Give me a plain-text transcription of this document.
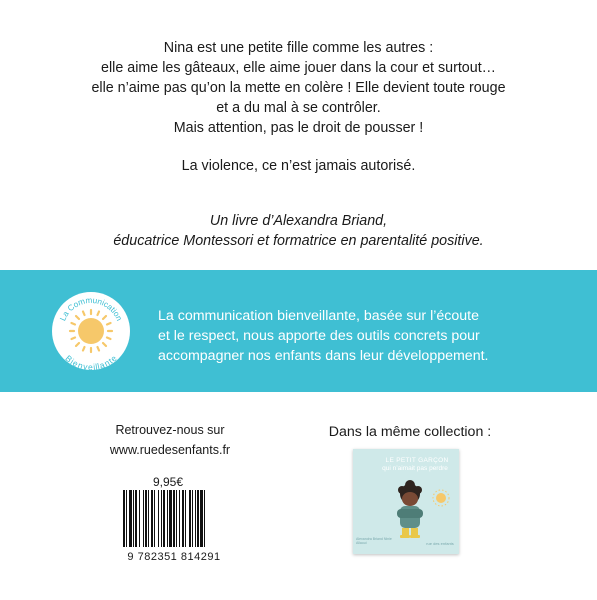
Nina est une petite fille comme les autres :
elle aime les gâteaux, elle aime jouer dans la cour et surtout…
elle n’aime pas qu’on la mette en colère ! Elle devient toute rouge
et a du mal à se contrôler.
Mais attention, pas le droit de pousser !
La violence, ce n’est jamais autorisé.
Un livre d’Alexandra Briand,
éducatrice Montessori et formatrice en parentalité positive.
La Communication
Bienveillante
La communication bienveillante, basée sur l’écoute
et le respect, nous apporte des outils concrets pour
accompagner nos enfants dans leur développement.
Retrouvez-nous sur
www.ruedesenfants.fr
9,95€
9 782351 814291
Dans la même collection :
LE PETIT GARÇON
qui n’aimait pas perdre
Alexandra Briand Ninie Allaoui	rue des enfants
